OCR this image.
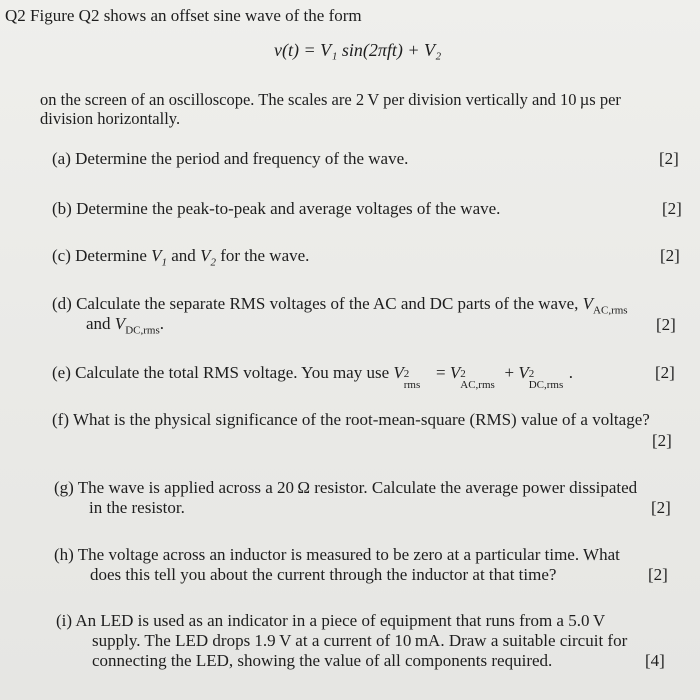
Q2 Figure Q2 shows an offset sine wave of the form
v(t) = V₁ sin(2πft) + V₂
on the screen of an oscilloscope. The scales are 2 V per division vertically and 10 µs per
division horizontally.
(a) Determine the period and frequency of the wave.	[2]
(b) Determine the peak-to-peak and average voltages of the wave.	[2]
(c) Determine $V_1$ and $V_2$ for the wave.	[2]
(d) Calculate the separate RMS voltages of the AC and DC parts of the wave, $V_{AC,rms}$
and $V_{DC,rms}$.	[2]
(e) Calculate the total RMS voltage. You may use V 2
rms
= V 2
AC,rms
+ V 2
DC,rms
.	[2]
(f) What is the physical significance of the root-mean-square (RMS) value of a voltage?
[2]
(g) The wave is applied across a 20 Ω resistor. Calculate the average power dissipated
in the resistor.	[2]
(h) The voltage across an inductor is measured to be zero at a particular time. What
does this tell you about the current through the inductor at that time?	[2]
(i) An LED is used as an indicator in a piece of equipment that runs from a 5.0 V
supply. The LED drops 1.9 V at a current of 10 mA. Draw a suitable circuit for
connecting the LED, showing the value of all components required.	[4]
